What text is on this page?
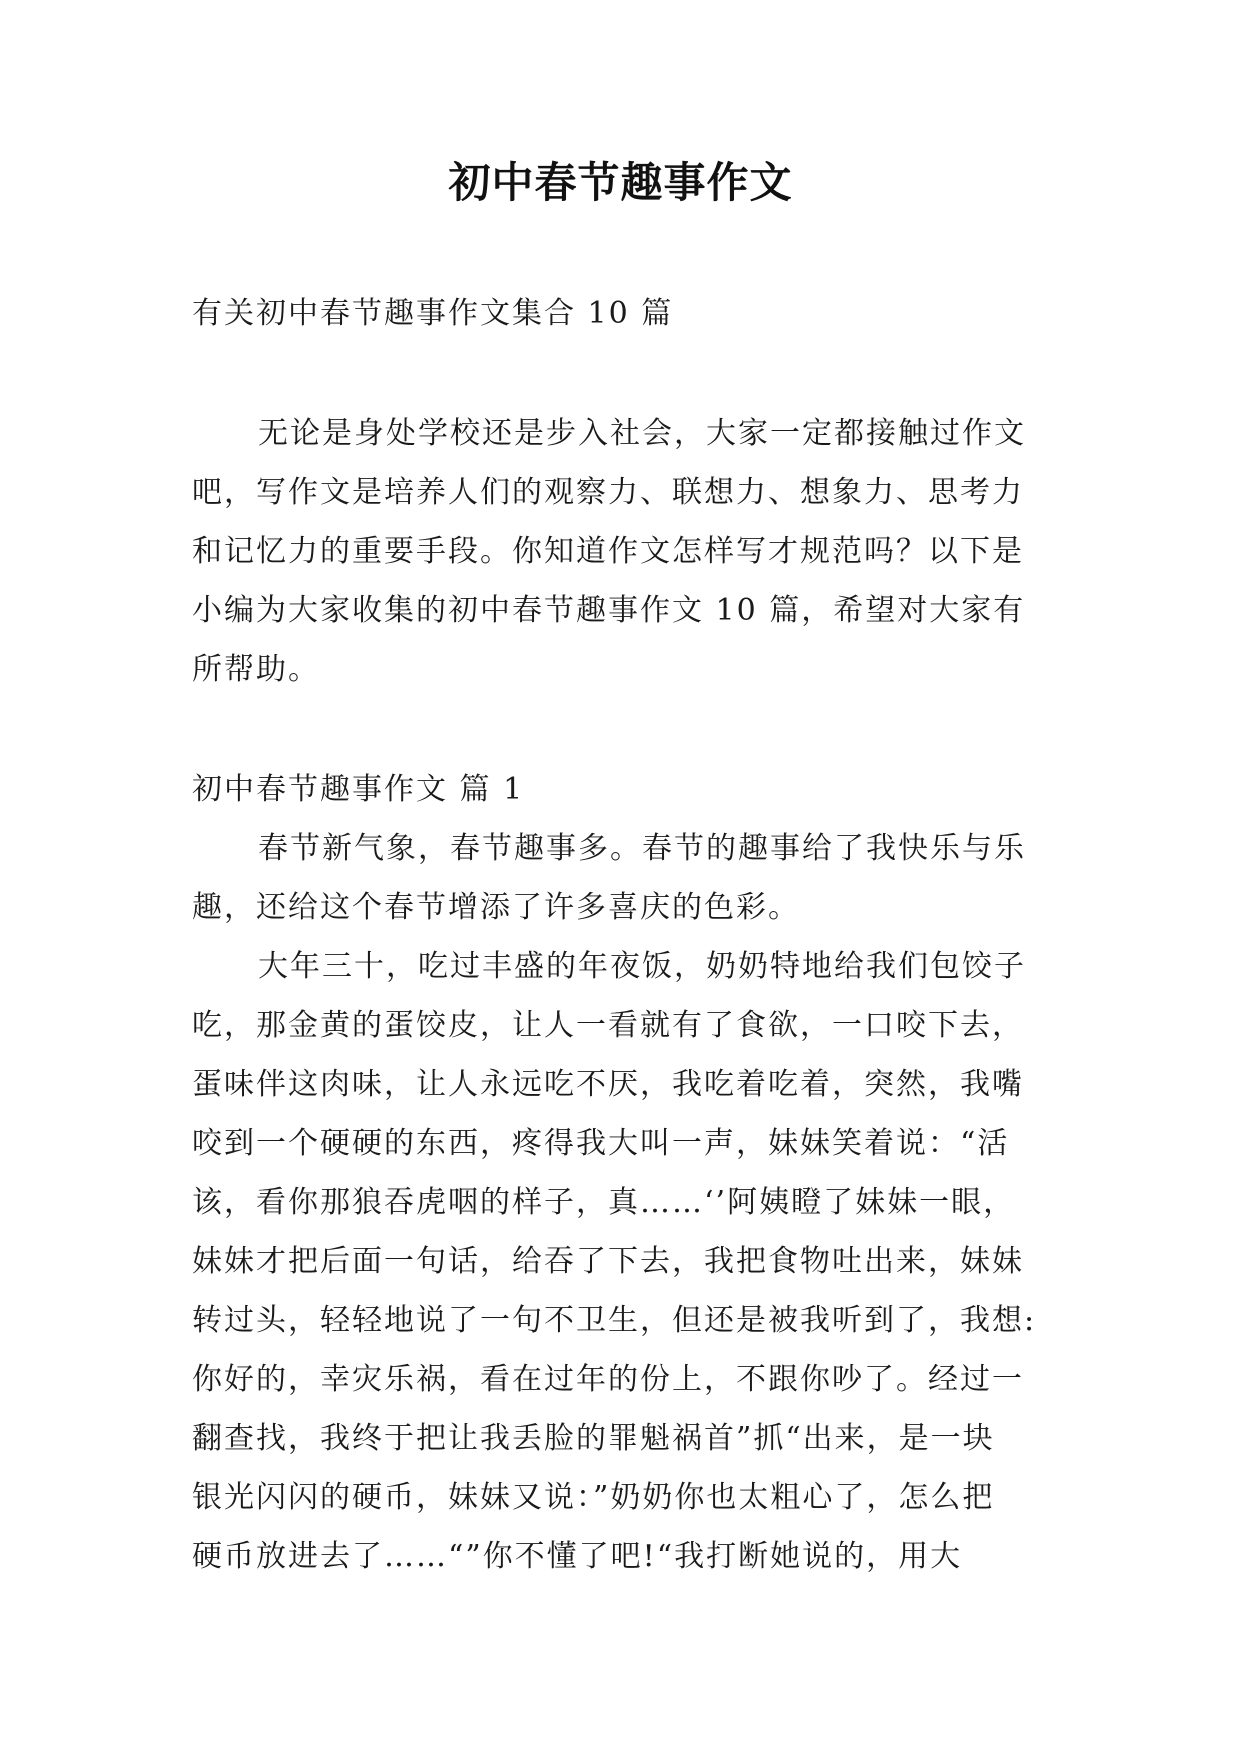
初中春节趣事作文
有关初中春节趣事作文集合 10 篇
无论是身处学校还是步入社会，大家一定都接触过作文
吧，写作文是培养人们的观察力、联想力、想象力、思考力
和记忆力的重要手段。你知道作文怎样写才规范吗？以下是
小编为大家收集的初中春节趣事作文 10 篇，希望对大家有
所帮助。
初中春节趣事作文 篇 1
春节新气象，春节趣事多。春节的趣事给了我快乐与乐
趣，还给这个春节增添了许多喜庆的色彩。
大年三十，吃过丰盛的年夜饭，奶奶特地给我们包饺子
吃，那金黄的蛋饺皮，让人一看就有了食欲，一口咬下去，
蛋味伴这肉味，让人永远吃不厌，我吃着吃着，突然，我嘴
咬到一个硬硬的东西，疼得我大叫一声，妹妹笑着说：“活
该，看你那狼吞虎咽的样子，真……‘’阿姨瞪了妹妹一眼，
妹妹才把后面一句话，给吞了下去，我把食物吐出来，妹妹
转过头，轻轻地说了一句不卫生，但还是被我听到了，我想:
你好的，幸灾乐祸，看在过年的份上，不跟你吵了。经过一
翻查找，我终于把让我丢脸的罪魁祸首”抓“出来，是一块
银光闪闪的硬币，妹妹又说：”奶奶你也太粗心了，怎么把
硬币放进去了……“”你不懂了吧!“我打断她说的，用大
